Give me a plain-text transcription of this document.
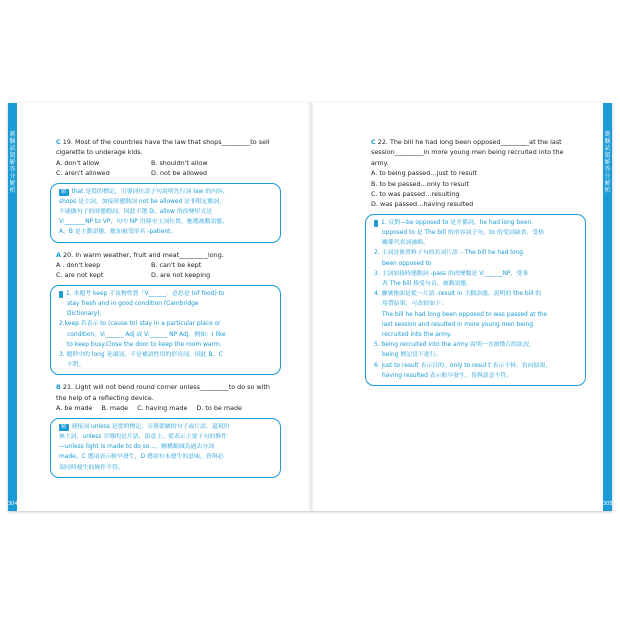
測驗試題解答分解析
304
測驗試題解答分解析
305
C 19. Most of the countries have the law that shops_________to sell
cigarette to underage kids.
A. don't allow	B. shouldn't allow
C. aren't allowed	D. not be allowed

解 that 是從的標記，引導同位語子句說明先行詞 law 的內容，

shops 是主詞，加接時態動詞 not be allowed 是非限定動詞，

不能做句子的時態動詞，因此不選 D。allow 的改變形式是

V:_______NP to VP，句中 NP 用移至主詞位置，應選被動語態，

A、B 是主動語態，應加被受形名 -patient。

A 20. In warm weather, fruit and meat_________long.
A . don't keep	B. can't be kept
C. are not kept	D. are not keeping

解 1. 本題考 keep 不及物性質「V______．意思是 (of food) to

stay fresh and in good condition (Cambridge

Dictionary)。

2.keep 若表示 to (cause to) stay in a particular place or

condition。V:______ Adj 或 V:______ NP Adj。例如：I like

to keep busy.Close the door to keep the room warm.

3. 題幹中的 long 是副詞，不是補語性用的形容詞，因此 B、C

不對。

B 21. Light will not bend round corner unless_________to do so with
the help of a reflecting device.
A. be made B. made C. having made D. to be made

解 連接詞 unless 是從的標記，引導從屬的句子或片語，還現份

無主詞，unless 引導的是片語，語意上，從表示主要子句的條件

—unless light is made to do so…，刪構縮減為過去分詞

made。C 選項表示較早發生，D 選項有未發生的意味，皆與必

須同時發生的條件不符。

C 22. The bill he had long been opposed_________at the last
session_________in more young men being recruited into the
army.
A. to being passed…just to result
B. to be passed…only to result
C. to was passed…resulting
D. was passed…having resulted

解 1. 反對—be opposed to 是介係詞，he had long been

opposed to 是 The bill 的形容詞子句，to 的受詞缺省，受格

關係代名詞被略。

2. 主詞是後置修子句的名詞片語 – The bill he had long

been opposed to

3. 主詞加接時態動詞 -pass 的改變類是 V:______NP，受事

者 The bill 移受句首，被動語態。

4. 聯號後面是從一片語 -result in 主動語態，說明的 the bill 的

用帶結果，可改寫如下：

The bill he had long been opposed to was passed at the

last session and resulted in more young men being

recruited into the army.

5. being recruited into the army 說明一直被徵召的狀況，

being 標記當下進行。

6. just to result 表示目的，only to resul t 表示不料，負向結果，

having resulted 表示較早發生，皆與語意不符。
